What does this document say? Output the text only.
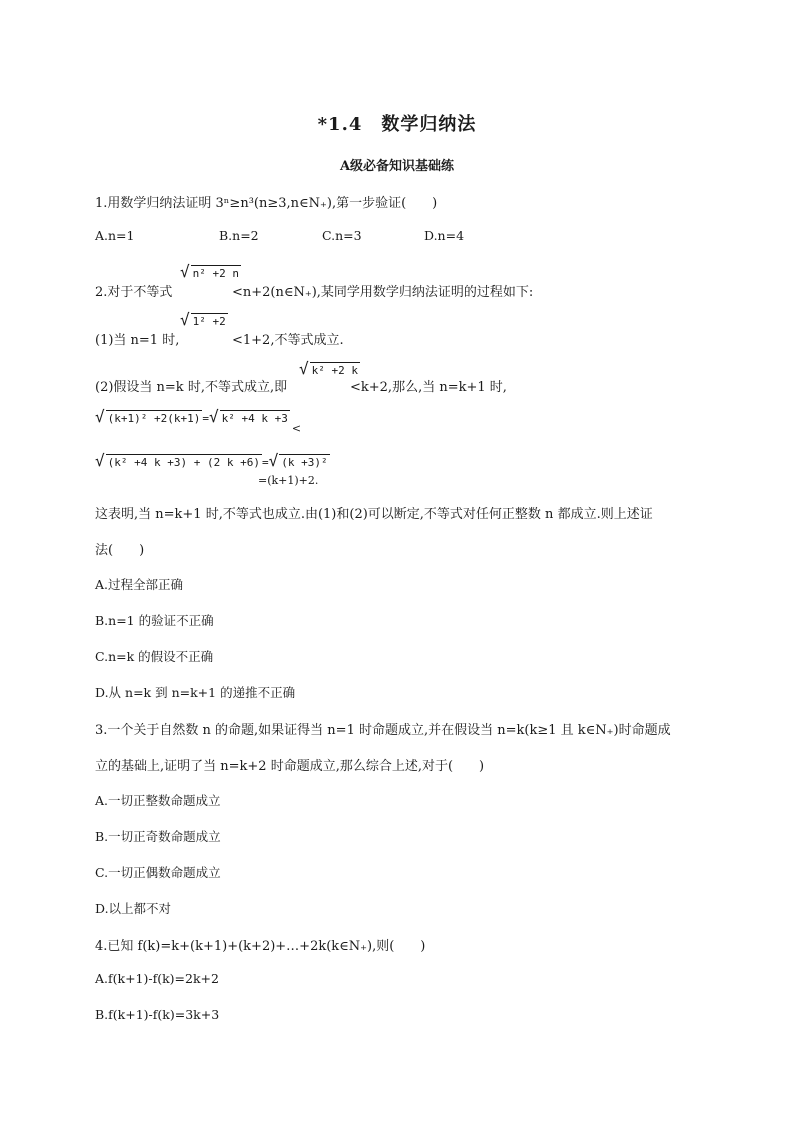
*1.4　数学归纳法
A级必备知识基础练
1.用数学归纳法证明 3ⁿ≥n³(n≥3,n∈N₊),第一步验证(　　)
A.n=1	B.n=2	C.n=3	D.n=4
√ n² +2 n
2.对于不等式	<n+2(n∈N₊),某同学用数学归纳法证明的过程如下:
√ 1² +2
(1)当 n=1 时,	<1+2,不等式成立.
√ k² +2 k
(2)假设当 n=k 时,不等式成立,即	<k+2,那么,当 n=k+1 时,
√ (k+1)² +2(k+1) = √ k² +4 k +3
<
√ (k² +4 k +3) + (2 k +6) = √ (k +3)²
=(k+1)+2.
这表明,当 n=k+1 时,不等式也成立.由(1)和(2)可以断定,不等式对任何正整数 n 都成立.则上述证
法(　　)
A.过程全部正确
B.n=1 的验证不正确
C.n=k 的假设不正确
D.从 n=k 到 n=k+1 的递推不正确
3.一个关于自然数 n 的命题,如果证得当 n=1 时命题成立,并在假设当 n=k(k≥1 且 k∈N₊)时命题成
立的基础上,证明了当 n=k+2 时命题成立,那么综合上述,对于(　　)
A.一切正整数命题成立
B.一切正奇数命题成立
C.一切正偶数命题成立
D.以上都不对
4.已知 f(k)=k+(k+1)+(k+2)+…+2k(k∈N₊),则(　　)
A.f(k+1)-f(k)=2k+2
B.f(k+1)-f(k)=3k+3
